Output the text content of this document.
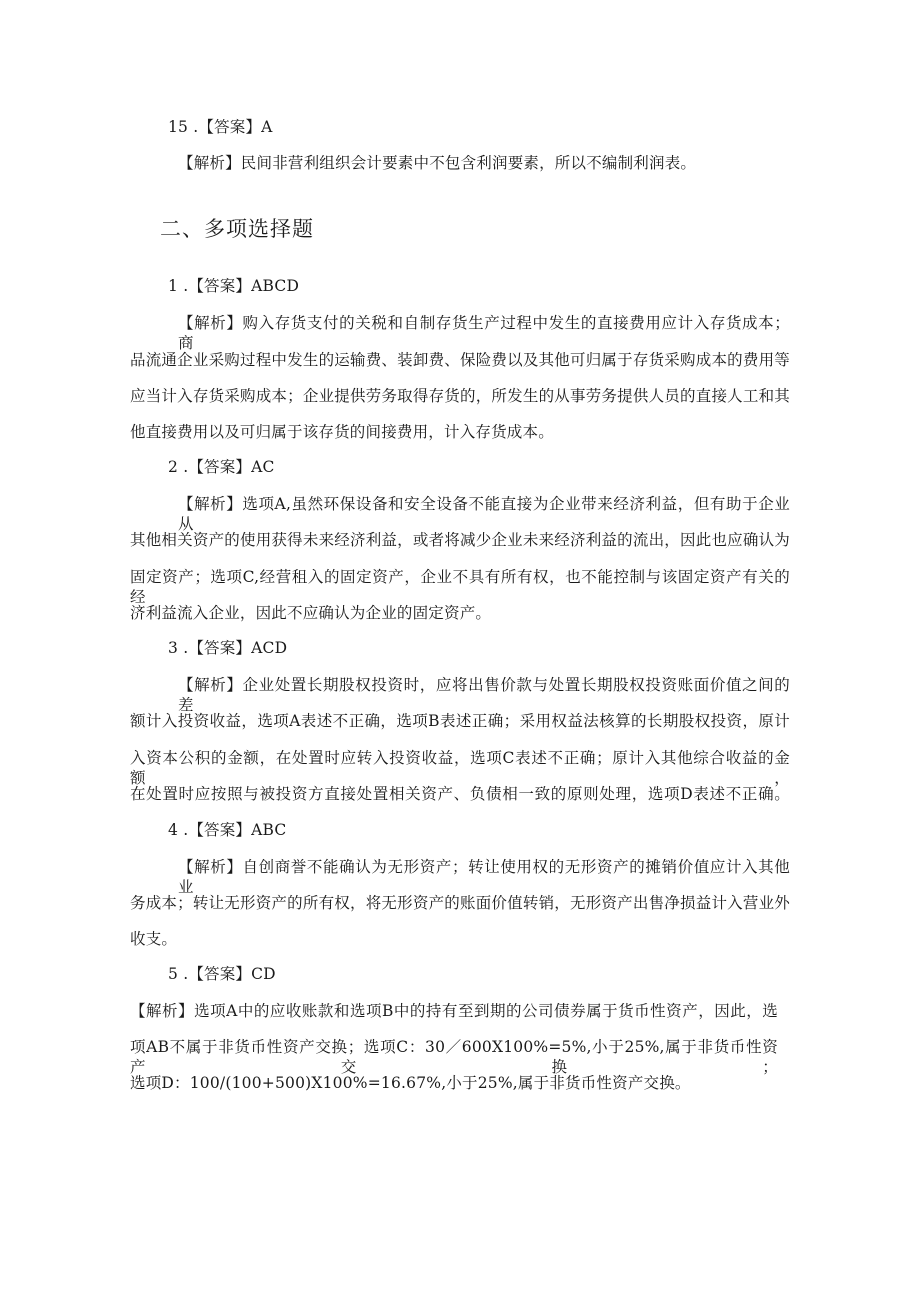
15 .【答案】A
【解析】民间非营利组织会计要素中不包含利润要素，所以不编制利润表。
二、多项选择题
1 .【答案】ABCD
【解析】购入存货支付的关税和自制存货生产过程中发生的直接费用应计入存货成本；商
品流通企业采购过程中发生的运输费、装卸费、保险费以及其他可归属于存货采购成本的费用等
应当计入存货采购成本；企业提供劳务取得存货的，所发生的从事劳务提供人员的直接人工和其
他直接费用以及可归属于该存货的间接费用，计入存货成本。
2 .【答案】AC
【解析】选项A,虽然环保设备和安全设备不能直接为企业带来经济利益，但有助于企业从
其他相关资产的使用获得未来经济利益，或者将减少企业未来经济利益的流出，因此也应确认为
固定资产；选项C,经营租入的固定资产，企业不具有所有权，也不能控制与该固定资产有关的经
济利益流入企业，因此不应确认为企业的固定资产。
3 .【答案】ACD
【解析】企业处置长期股权投资时，应将出售价款与处置长期股权投资账面价值之间的差
额计入投资收益，选项A表述不正确，选项B表述正确；采用权益法核算的长期股权投资，原计
入资本公积的金额，在处置时应转入投资收益，选项C表述不正确；原计入其他综合收益的金额，
在处置时应按照与被投资方直接处置相关资产、负债相一致的原则处理，选项D表述不正确。
4 .【答案】ABC
【解析】自创商誉不能确认为无形资产；转让使用权的无形资产的摊销价值应计入其他业
务成本；转让无形资产的所有权，将无形资产的账面价值转销，无形资产出售净损益计入营业外
收支。
5 .【答案】CD
【解析】选项A中的应收账款和选项B中的持有至到期的公司债券属于货币性资产，因此，选
项AB不属于非货币性资产交换；选项C：30／600X100%=5%,小于25%,属于非货币性资产交换；
选项D：100/(100+500)X100%=16.67%,小于25%,属于非货币性资产交换。
